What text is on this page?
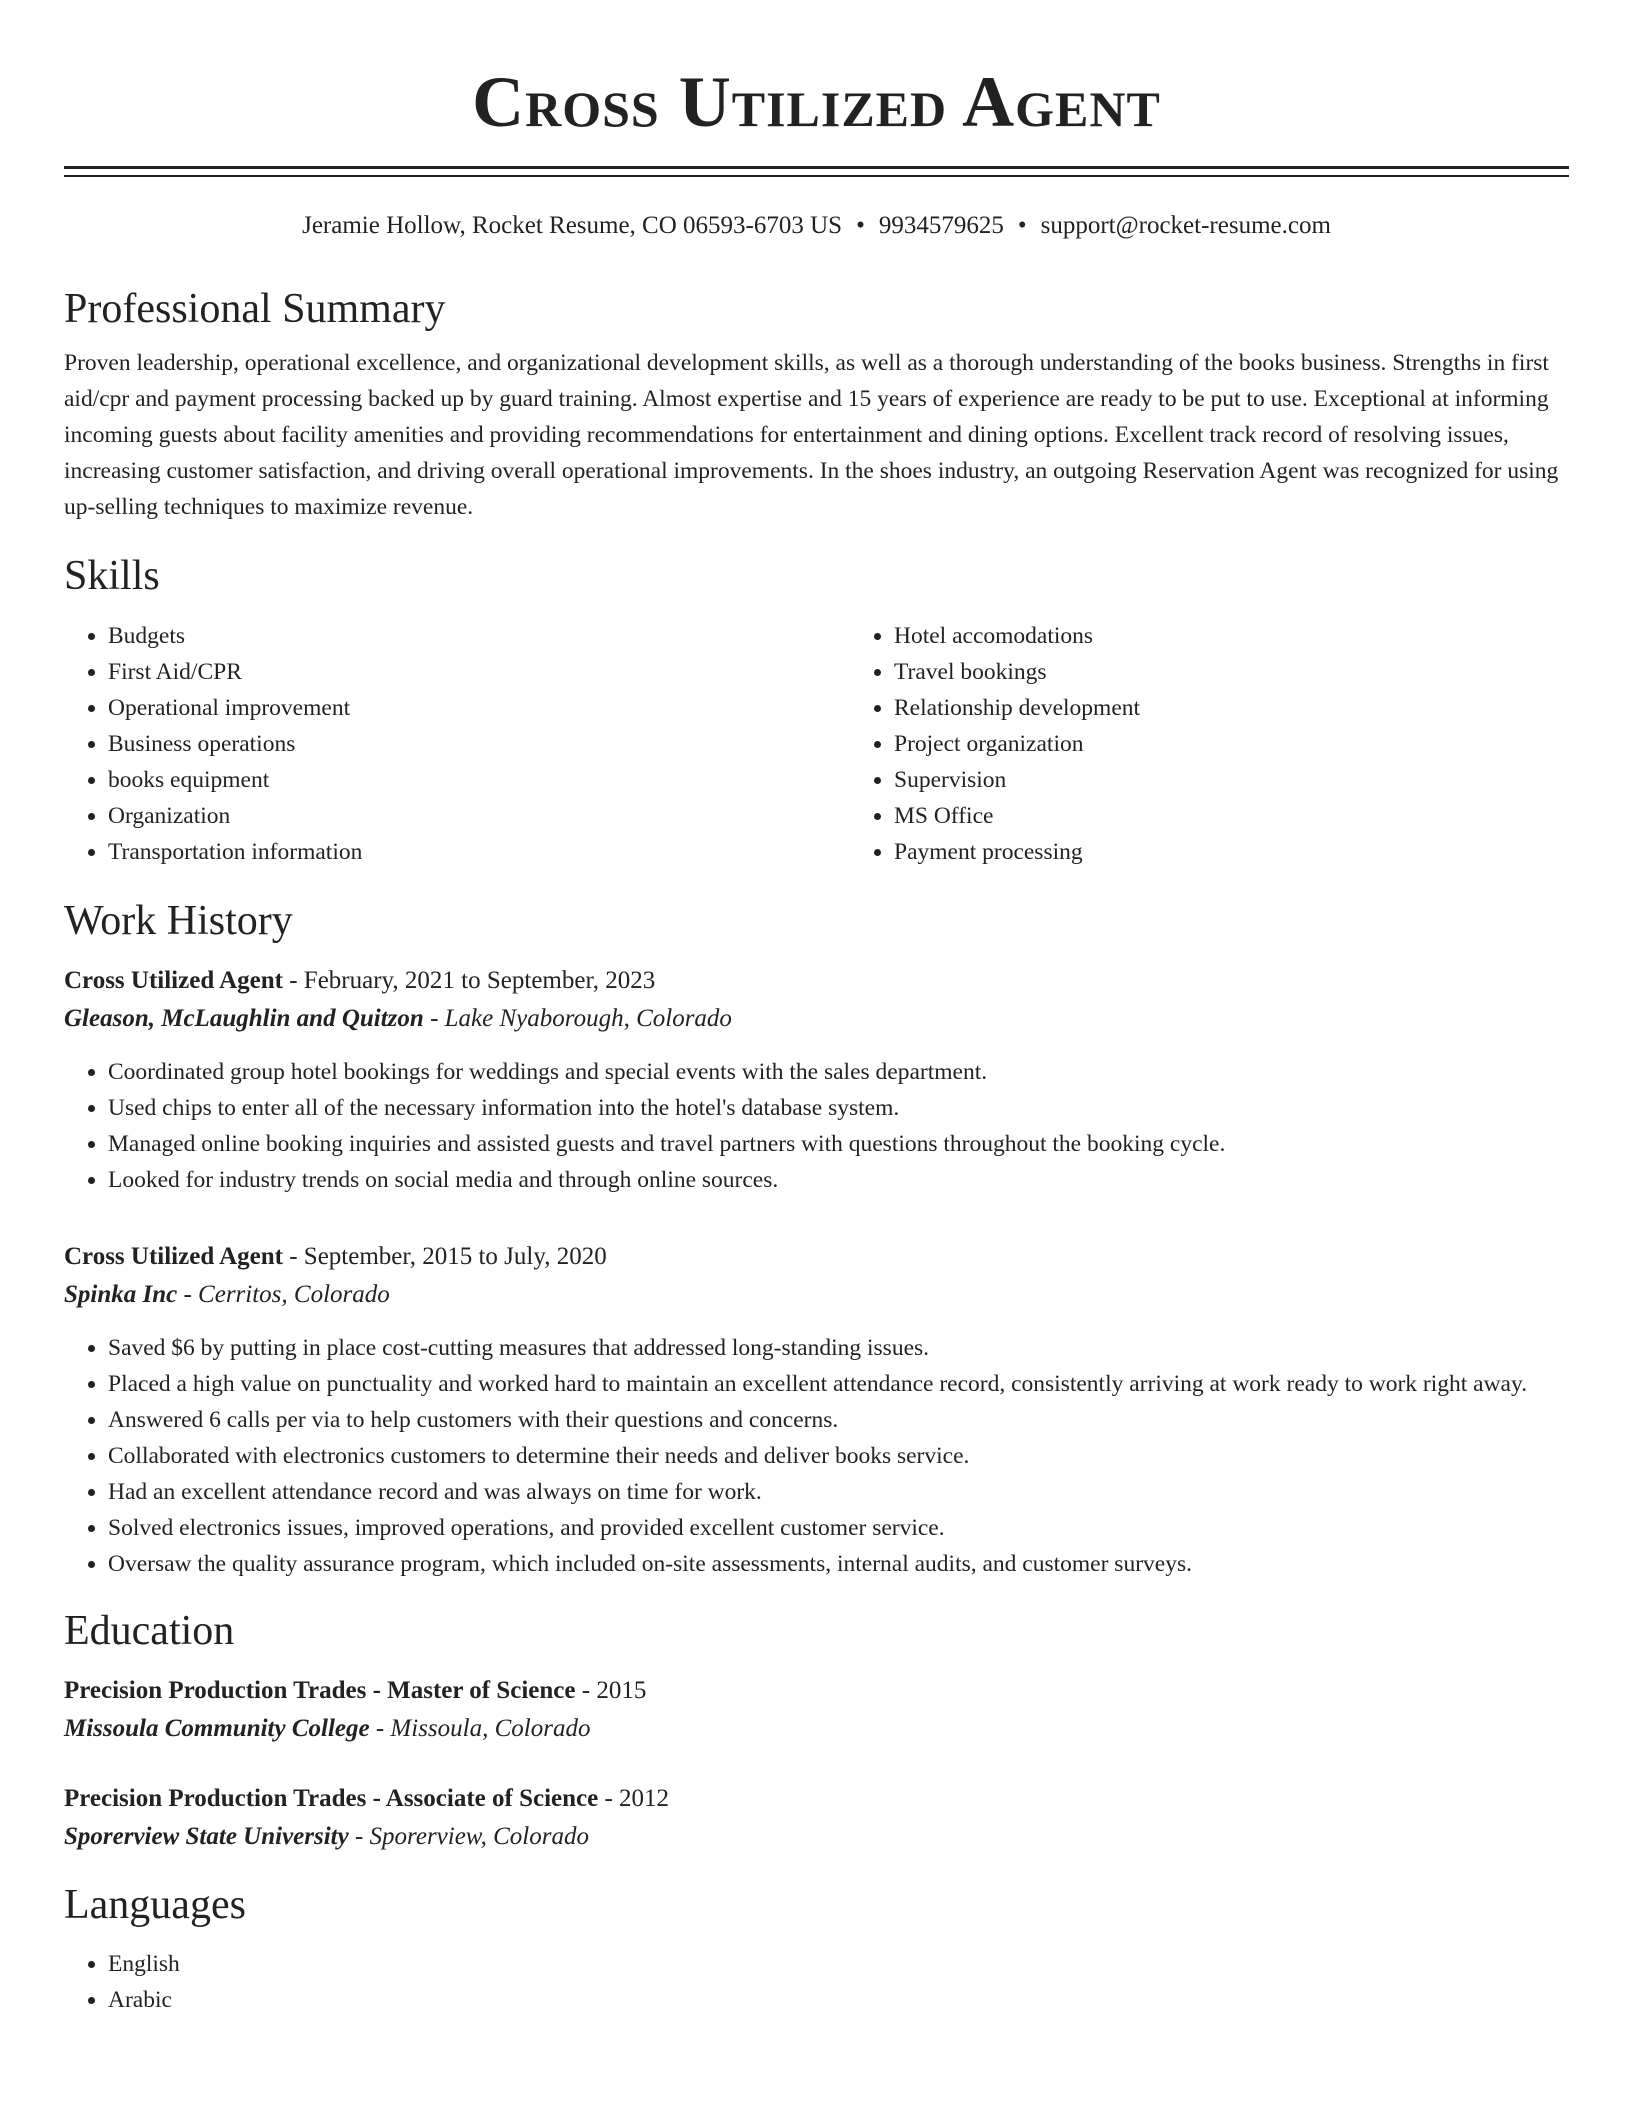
Cross Utilized Agent
Jeramie Hollow, Rocket Resume, CO 06593-6703 US • 9934579625 • support@rocket-resume.com
Professional Summary
Proven leadership, operational excellence, and organizational development skills, as well as a thorough understanding of the books business. Strengths in first aid/cpr and payment processing backed up by guard training. Almost expertise and 15 years of experience are ready to be put to use. Exceptional at informing incoming guests about facility amenities and providing recommendations for entertainment and dining options. Excellent track record of resolving issues, increasing customer satisfaction, and driving overall operational improvements. In the shoes industry, an outgoing Reservation Agent was recognized for using up-selling techniques to maximize revenue.
Skills
• Budgets
• First Aid/CPR
• Operational improvement
• Business operations
• books equipment
• Organization
• Transportation information
• Hotel accomodations
• Travel bookings
• Relationship development
• Project organization
• Supervision
• MS Office
• Payment processing
Work History
Cross Utilized Agent - February, 2021 to September, 2023
Gleason, McLaughlin and Quitzon - Lake Nyaborough, Colorado
• Coordinated group hotel bookings for weddings and special events with the sales department.
• Used chips to enter all of the necessary information into the hotel's database system.
• Managed online booking inquiries and assisted guests and travel partners with questions throughout the booking cycle.
• Looked for industry trends on social media and through online sources.
Cross Utilized Agent - September, 2015 to July, 2020
Spinka Inc - Cerritos, Colorado
• Saved $6 by putting in place cost-cutting measures that addressed long-standing issues.
• Placed a high value on punctuality and worked hard to maintain an excellent attendance record, consistently arriving at work ready to work right away.
• Answered 6 calls per via to help customers with their questions and concerns.
• Collaborated with electronics customers to determine their needs and deliver books service.
• Had an excellent attendance record and was always on time for work.
• Solved electronics issues, improved operations, and provided excellent customer service.
• Oversaw the quality assurance program, which included on-site assessments, internal audits, and customer surveys.
Education
Precision Production Trades - Master of Science - 2015
Missoula Community College - Missoula, Colorado
Precision Production Trades - Associate of Science - 2012
Sporerview State University - Sporerview, Colorado
Languages
• English
• Arabic
